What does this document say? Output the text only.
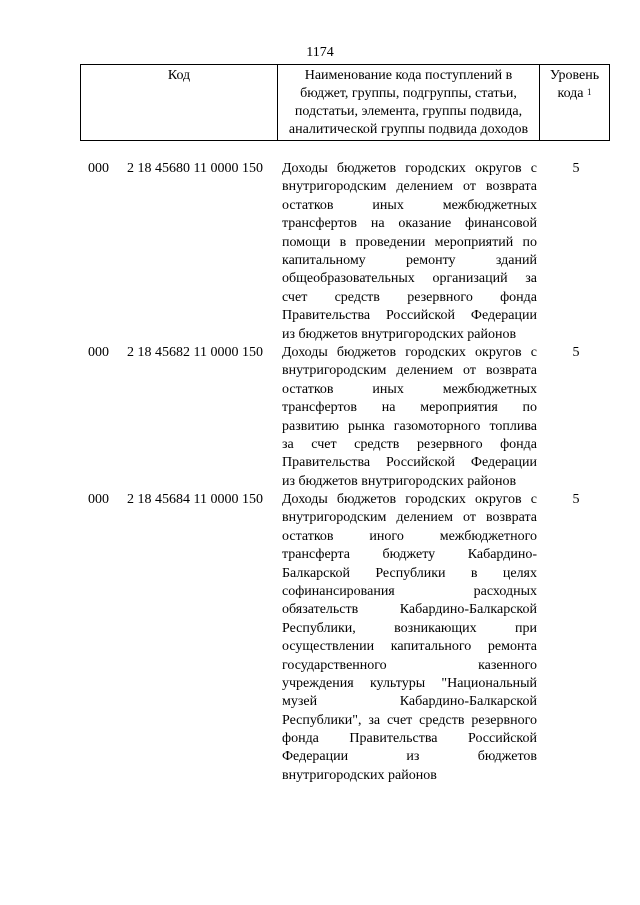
1174
Код	Наименование кода поступлений в
бюджет, группы, подгруппы, статьи,
подстатьи, элемента, группы подвида,
аналитической группы подвида доходов
Уровень
кода $^1$
000 2 18 45680 11 0000 150 Доходы бюджетов городских округов с
внутригородским делением от возврата
остатков иных межбюджетных
трансфертов на оказание финансовой
помощи в проведении мероприятий по
капитальному ремонту зданий
общеобразовательных организаций за
счет средств резервного фонда
Правительства Российской Федерации
из бюджетов внутригородских районов
5
000 2 18 45682 11 0000 150 Доходы бюджетов городских округов с
внутригородским делением от возврата
остатков иных межбюджетных
трансфертов на мероприятия по
развитию рынка газомоторного топлива
за счет средств резервного фонда
Правительства Российской Федерации
из бюджетов внутригородских районов
5
000 2 18 45684 11 0000 150 Доходы бюджетов городских округов с
внутригородским делением от возврата
остатков иного межбюджетного
трансферта бюджету Кабардино-
Балкарской Республики в целях
софинансирования расходных
обязательств Кабардино-Балкарской
Республики, возникающих при
осуществлении капитального ремонта
государственного казенного
учреждения культуры "Национальный
музей Кабардино-Балкарской
Республики", за счет средств резервного
фонда Правительства Российской
Федерации из бюджетов
внутригородских районов
5
